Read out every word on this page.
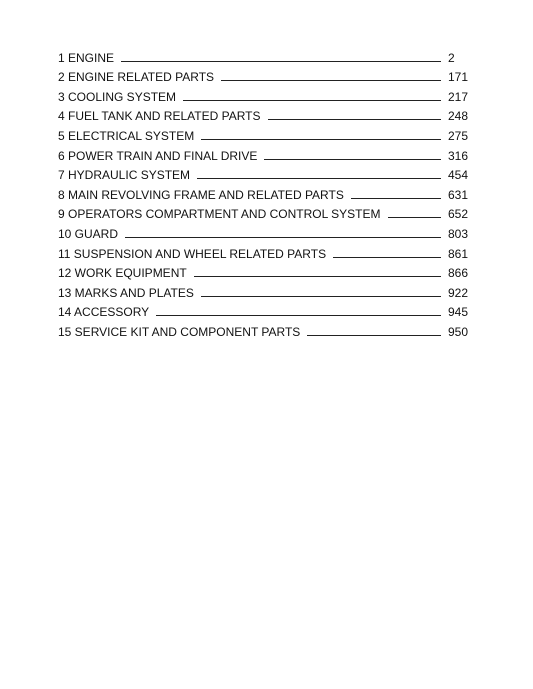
1 ENGINE	2
2 ENGINE RELATED PARTS	171
3 COOLING SYSTEM	217
4 FUEL TANK AND RELATED PARTS	248
5 ELECTRICAL SYSTEM	275
6 POWER TRAIN AND FINAL DRIVE	316
7 HYDRAULIC SYSTEM	454
8 MAIN REVOLVING FRAME AND RELATED PARTS	631
9 OPERATORS COMPARTMENT AND CONTROL SYSTEM	652
10 GUARD	803
11 SUSPENSION AND WHEEL RELATED PARTS	861
12 WORK EQUIPMENT	866
13 MARKS AND PLATES	922
14 ACCESSORY	945
15 SERVICE KIT AND COMPONENT PARTS	950
